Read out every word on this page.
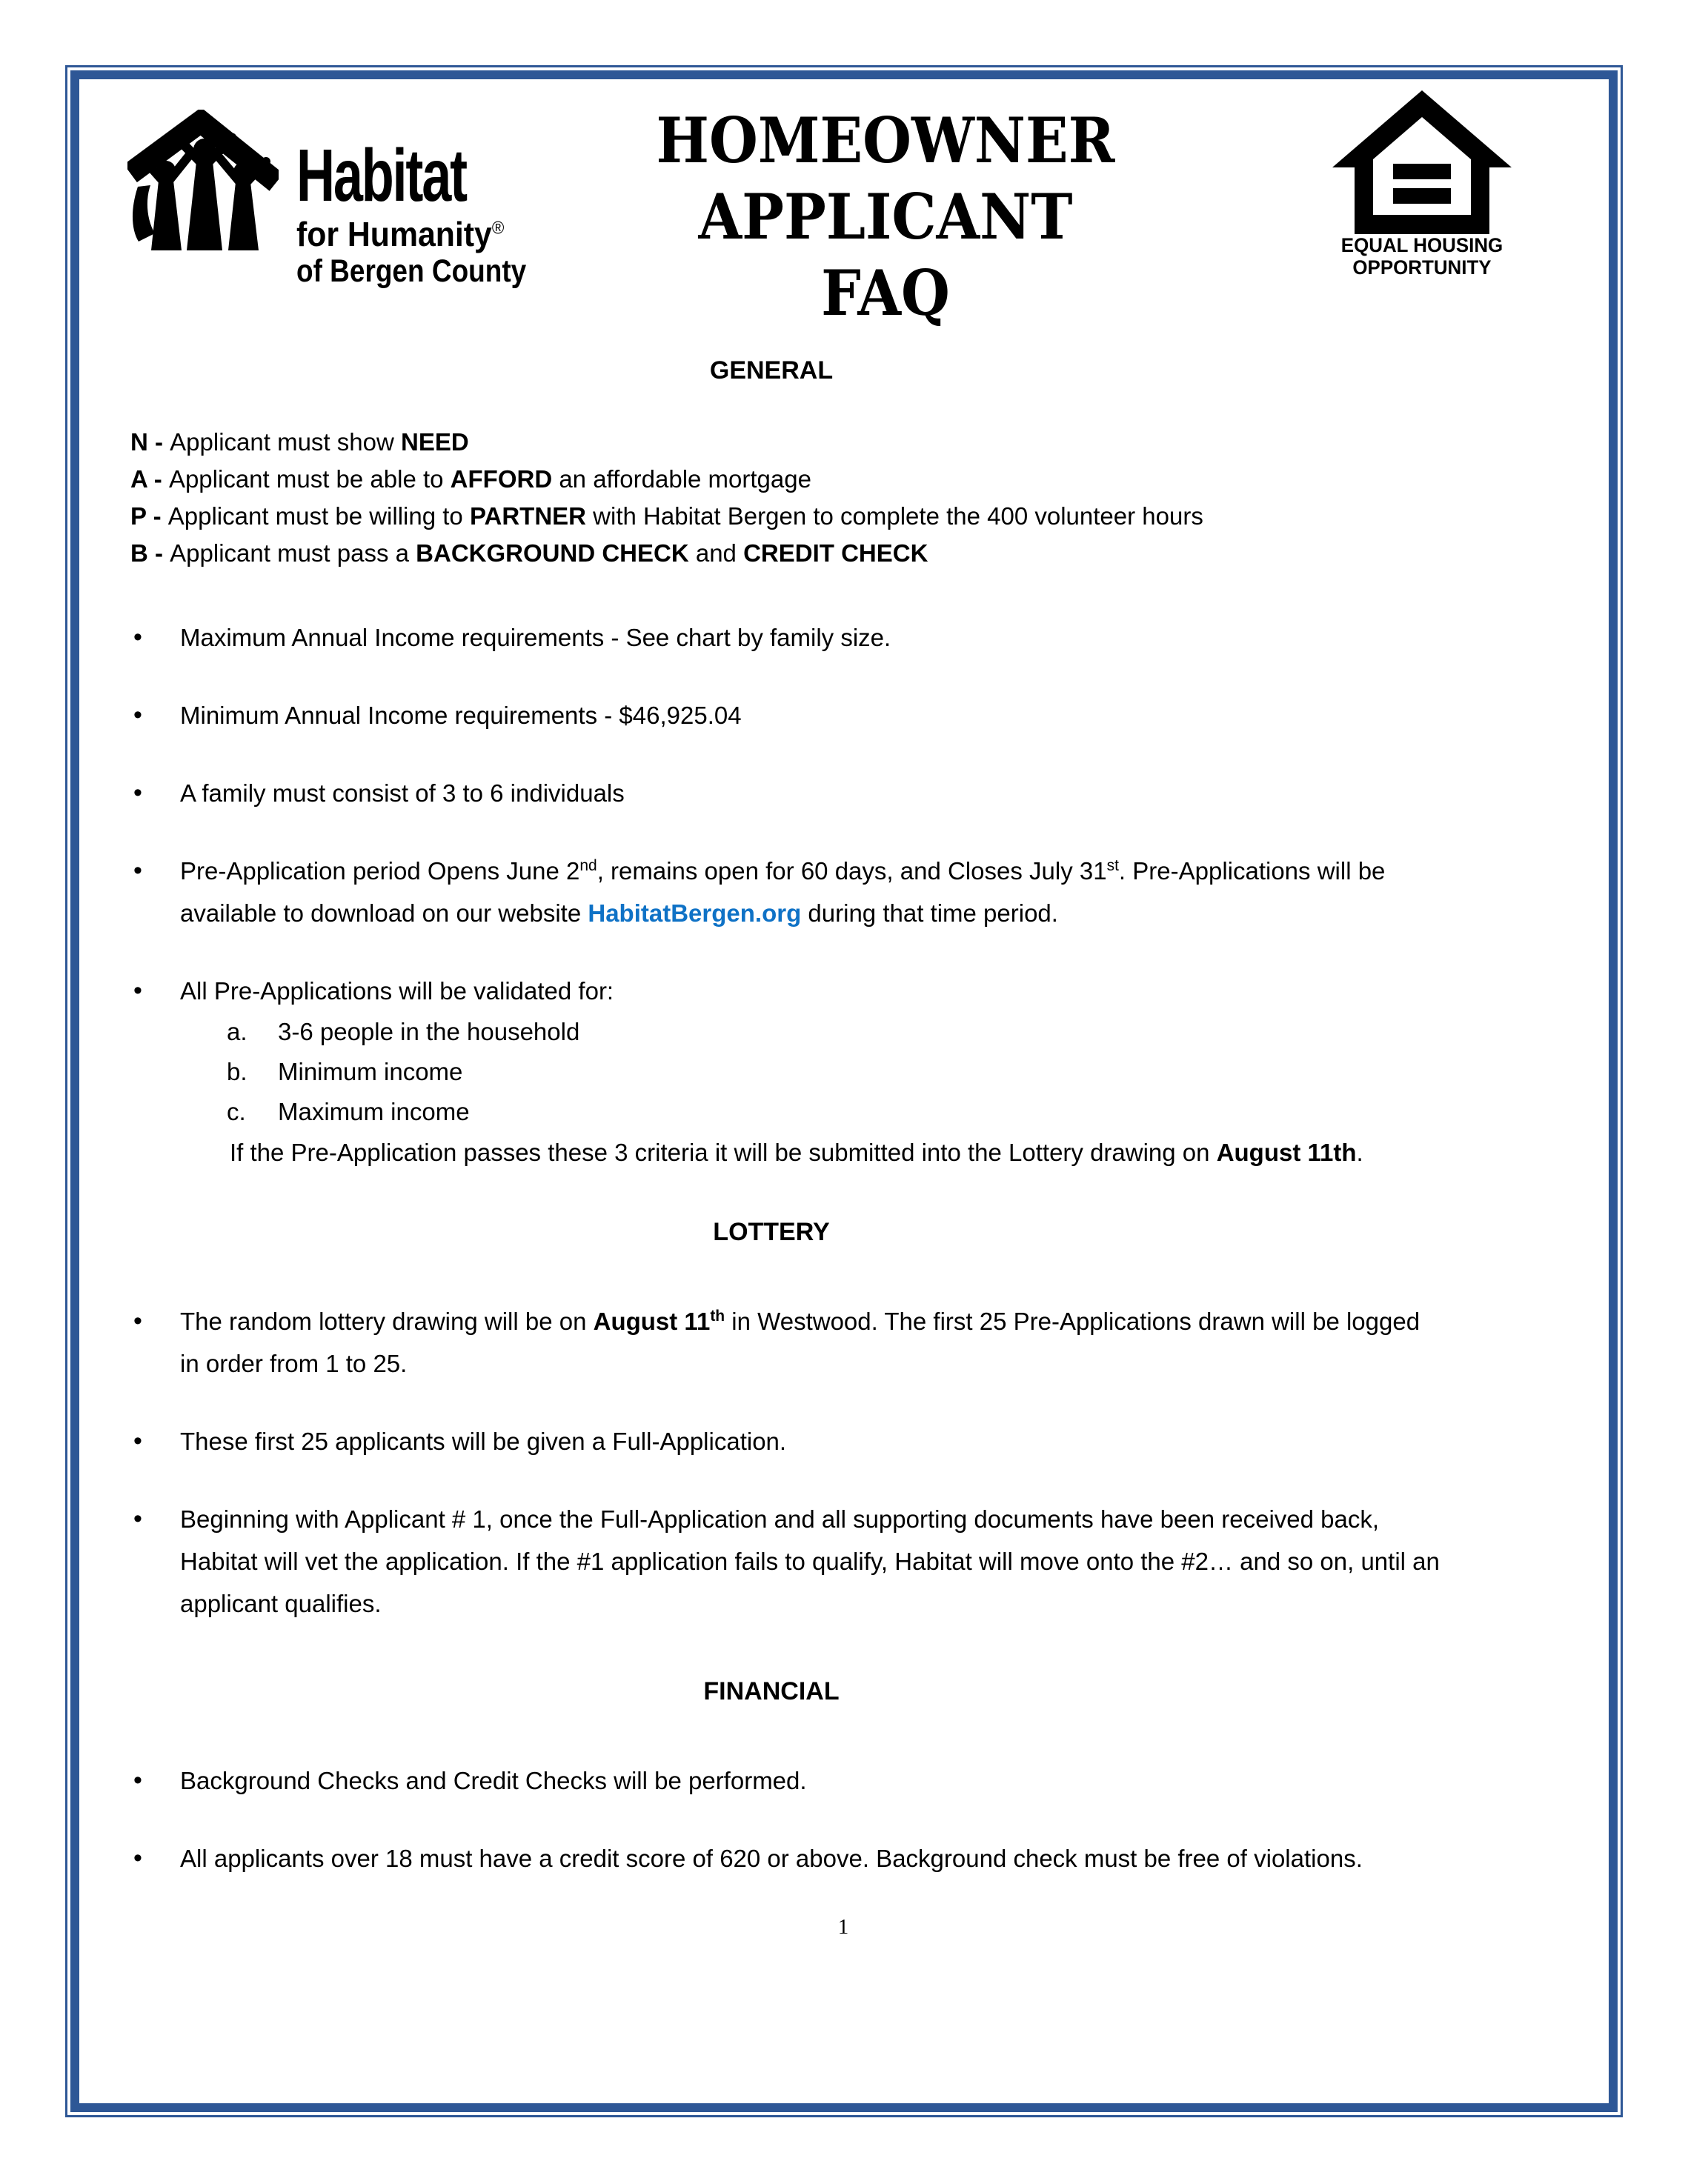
Habitat
for Humanity®
of Bergen County
HOMEOWNER
APPLICANT FAQ
EQUAL HOUSING
OPPORTUNITY
GENERAL

N - Applicant must show NEED

A - Applicant must be able to AFFORD an affordable mortgage

P - Applicant must be willing to PARTNER with Habitat Bergen to complete the 400 volunteer hours

B - Applicant must pass a BACKGROUND CHECK and CREDIT CHECK

• Maximum Annual Income requirements - See chart by family size.

• Minimum Annual Income requirements - $46,925.04

• A family must consist of 3 to 6 individuals

• Pre-Application period Opens June 2nd, remains open for 60 days, and Closes July 31st. Pre-Applications will be available to download on our website HabitatBergen.org during that time period.

• All Pre-Applications will be validated for:

a. 3-6 people in the household
b. Minimum income
c. Maximum income

If the Pre-Application passes these 3 criteria it will be submitted into the Lottery drawing on August 11th.

LOTTERY
• The random lottery drawing will be on August 11th in Westwood. The first 25 Pre-Applications drawn will be logged in order from 1 to 25.

• These first 25 applicants will be given a Full-Application.

• Beginning with Applicant # 1, once the Full-Application and all supporting documents have been received back, Habitat will vet the application. If the #1 application fails to qualify, Habitat will move onto the #2… and so on, until an applicant qualifies.

FINANCIAL
• Background Checks and Credit Checks will be performed.

• All applicants over 18 must have a credit score of 620 or above. Background check must be free of violations.

1
